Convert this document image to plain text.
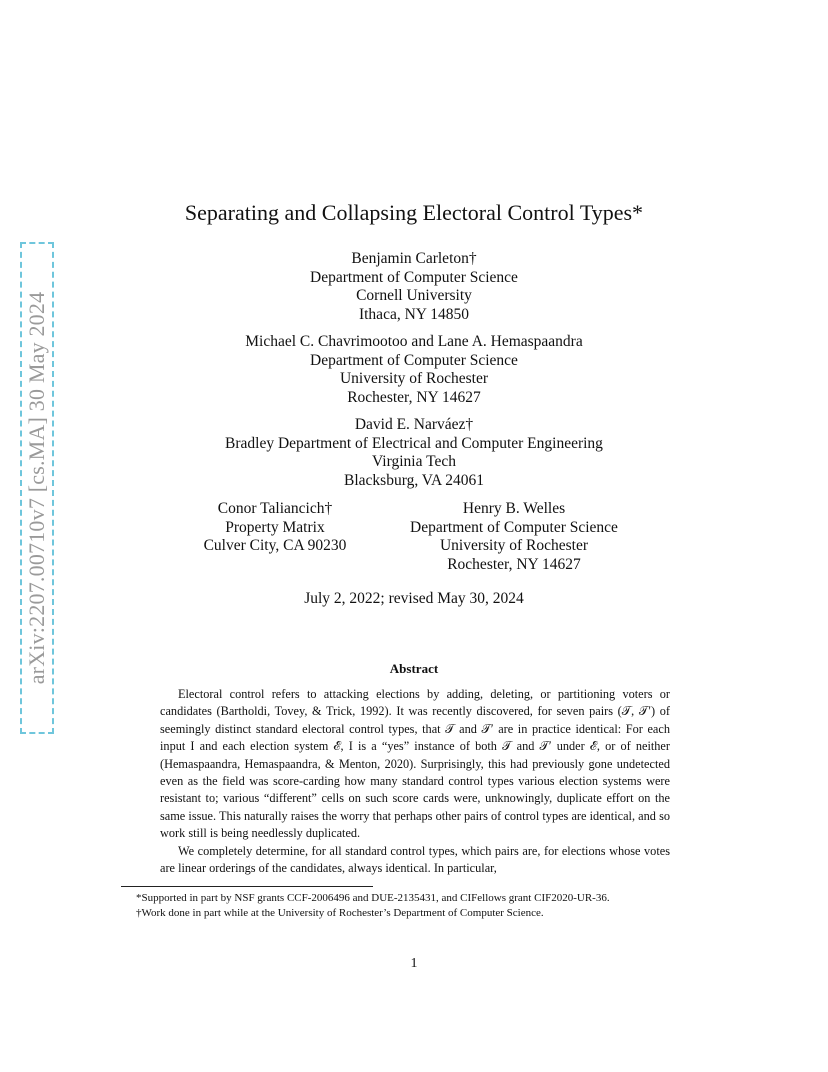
arXiv:2207.00710v7 [cs.MA] 30 May 2024
Separating and Collapsing Electoral Control Types*
Benjamin Carleton†
Department of Computer Science
Cornell University
Ithaca, NY 14850
Michael C. Chavrimootoo and Lane A. Hemaspaandra
Department of Computer Science
University of Rochester
Rochester, NY 14627
David E. Narváez†
Bradley Department of Electrical and Computer Engineering
Virginia Tech
Blacksburg, VA 24061
Conor Taliancich†
Property Matrix
Culver City, CA 90230
Henry B. Welles
Department of Computer Science
University of Rochester
Rochester, NY 14627
July 2, 2022; revised May 30, 2024
Abstract

Electoral control refers to attacking elections by adding, deleting, or partitioning voters or candidates (Bartholdi, Tovey, & Trick, 1992). It was recently discovered, for seven pairs (𝒯, 𝒯′) of seemingly distinct standard electoral control types, that 𝒯 and 𝒯′ are in practice identical: For each input I and each election system ℰ, I is a “yes” instance of both 𝒯 and 𝒯′ under ℰ, or of neither (Hemaspaandra, Hemaspaandra, & Menton, 2020). Surprisingly, this had previously gone undetected even as the field was score-carding how many standard control types various election systems were resistant to; various “different” cells on such score cards were, unknowingly, duplicate effort on the same issue. This naturally raises the worry that perhaps other pairs of control types are identical, and so work still is being needlessly duplicated.

We completely determine, for all standard control types, which pairs are, for elections whose votes are linear orderings of the candidates, always identical. In particular,

*Supported in part by NSF grants CCF-2006496 and DUE-2135431, and CIFellows grant CIF2020-UR-36.
†Work done in part while at the University of Rochester’s Department of Computer Science.
1
